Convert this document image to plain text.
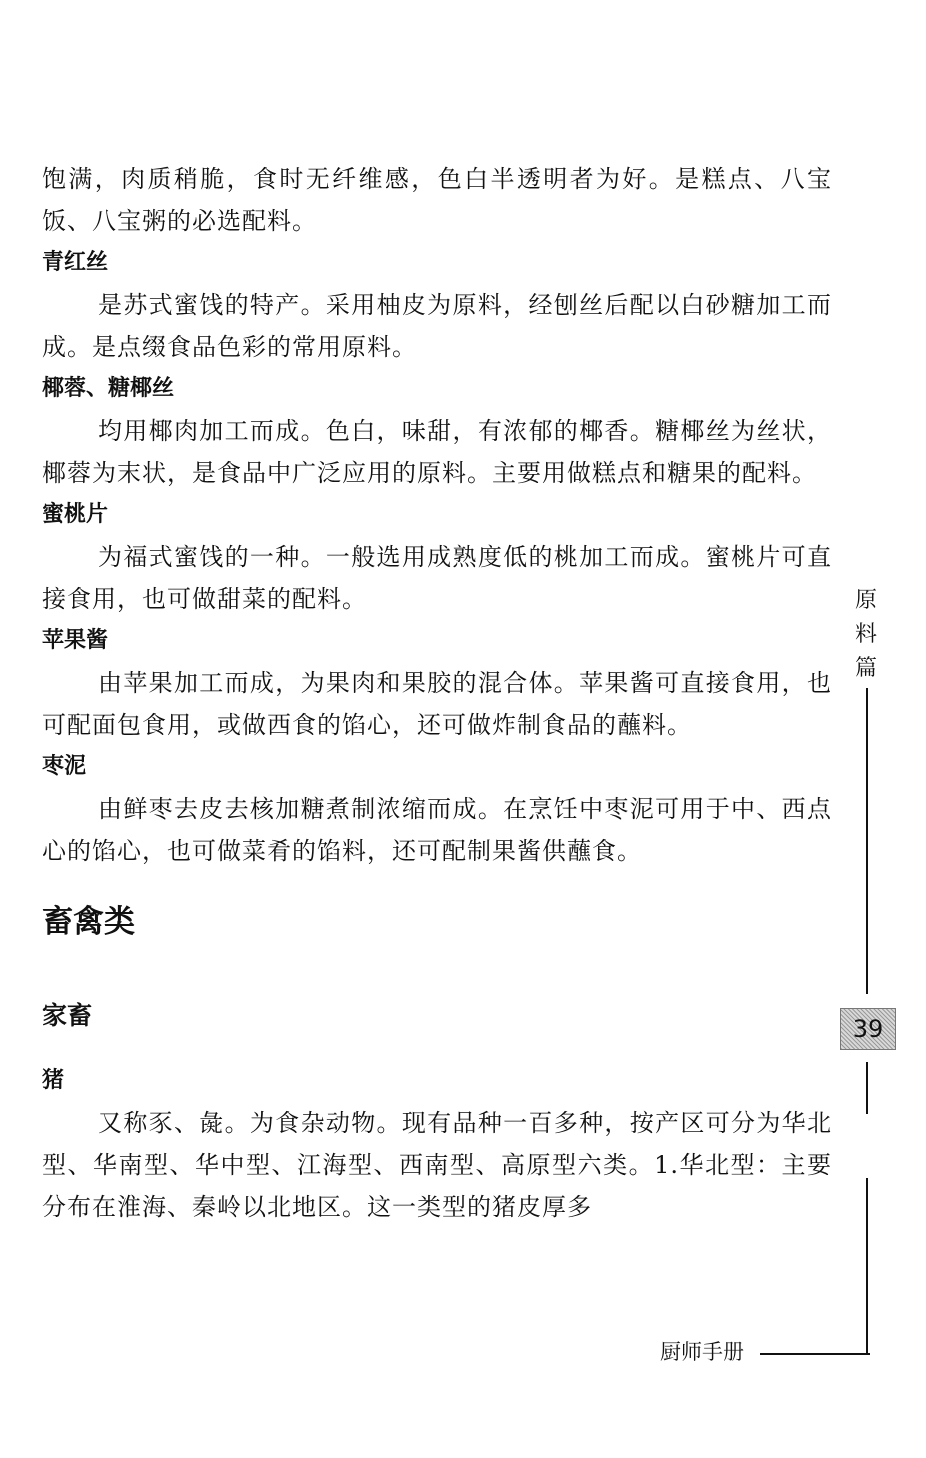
饱满，肉质稍脆，食时无纤维感，色白半透明者为好。是糕点、八宝饭、八宝粥的必选配料。

青红丝

是苏式蜜饯的特产。采用柚皮为原料，经刨丝后配以白砂糖加工而成。是点缀食品色彩的常用原料。

椰蓉、糖椰丝

均用椰肉加工而成。色白，味甜，有浓郁的椰香。糖椰丝为丝状，椰蓉为末状，是食品中广泛应用的原料。主要用做糕点和糖果的配料。

蜜桃片

为福式蜜饯的一种。一般选用成熟度低的桃加工而成。蜜桃片可直接食用，也可做甜菜的配料。

苹果酱

由苹果加工而成，为果肉和果胶的混合体。苹果酱可直接食用，也可配面包食用，或做西食的馅心，还可做炸制食品的蘸料。

枣泥

由鲜枣去皮去核加糖煮制浓缩而成。在烹饪中枣泥可用于中、西点心的馅心，也可做菜肴的馅料，还可配制果酱供蘸食。

畜禽类
家畜

猪

又称豕、彘。为食杂动物。现有品种一百多种，按产区可分为华北型、华南型、华中型、江海型、西南型、高原型六类。1.华北型：主要分布在淮海、秦岭以北地区。这一类型的猪皮厚多

原
料
篇
39
厨师手册
